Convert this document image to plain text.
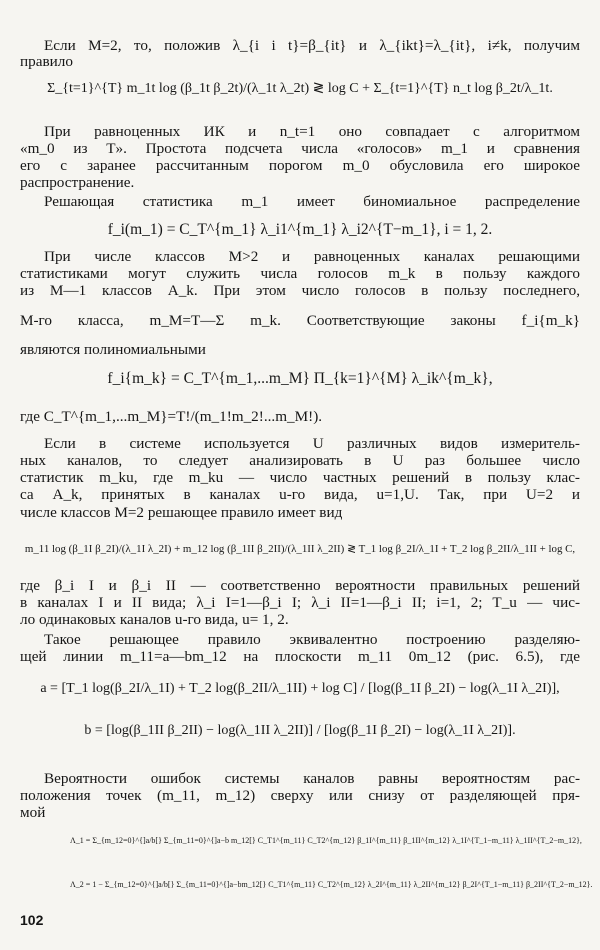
Если M=2, то, положив λ_{i i t}=β_{it} и λ_{ikt}=λ_{it}, i≠k, получим
правило
Σ_{t=1}^{T} m_1t log (β_1t β_2t)/(λ_1t λ_2t) ≷ log C + Σ_{t=1}^{T} n_t log β_2t/λ_1t.
При равноценных ИК и n_t=1 оно совпадает с алгоритмом
«m_0 из T». Простота подсчета числа «голосов» m_1 и сравнения
его с заранее рассчитанным порогом m_0 обусловила его широкое
распространение.
Решающая статистика m_1 имеет биномиальное распределение
f_i(m_1) = C_T^{m_1} λ_i1^{m_1} λ_i2^{T−m_1}, i = 1, 2.
При числе классов M>2 и равноценных каналах решающими
статистиками могут служить числа голосов m_k в пользу каждого
из M—1 классов A_k. При этом число голосов в пользу последнего,
M-го класса, m_M=T—Σ m_k. Соответствующие законы f_i{m_k}
являются полиномиальными
f_i{m_k} = C_T^{m_1,...m_M} Π_{k=1}^{M} λ_ik^{m_k},
где C_T^{m_1,...m_M}=T!/(m_1!m_2!...m_M!).
Если в системе используется U различных видов измеритель-
ных каналов, то следует анализировать в U раз большее число
статистик m_ku, где m_ku — число частных решений в пользу клас-
са A_k, принятых в каналах u-го вида, u=1,U. Так, при U=2 и
числе классов M=2 решающее правило имеет вид
m_11 log (β_1I β_2I)/(λ_1I λ_2I) + m_12 log (β_1II β_2II)/(λ_1II λ_2II) ≷ T_1 log β_2I/λ_1I + T_2 log β_2II/λ_1II + log C,
где β_i I и β_i II — соответственно вероятности правильных решений
в каналах I и II вида; λ_i I=1—β_i I; λ_i II=1—β_i II; i=1, 2; T_u — чис-
ло одинаковых каналов u-го вида, u= 1, 2.
Такое решающее правило эквивалентно построению разделяю-
щей линии m_11=a—bm_12 на плоскости m_11 0m_12 (рис. 6.5), где
a = [T_1 log(β_2I/λ_1I) + T_2 log(β_2II/λ_1II) + log C] / [log(β_1I β_2I) − log(λ_1I λ_2I)],
b = [log(β_1II β_2II) − log(λ_1II λ_2II)] / [log(β_1I β_2I) − log(λ_1I λ_2I)].
Вероятности ошибок системы каналов равны вероятностям рас-
положения точек (m_11, m_12) сверху или снизу от разделяющей пря-
мой
Λ_1 = Σ_{m_12=0}^{]a/b[} Σ_{m_11=0}^{]a−b m_12[} C_T1^{m_11} C_T2^{m_12} β_1I^{m_11} β_1II^{m_12} λ_1I^{T_1−m_11} λ_1II^{T_2−m_12},
Λ_2 = 1 − Σ_{m_12=0}^{]a/b[} Σ_{m_11=0}^{]a−bm_12[} C_T1^{m_11} C_T2^{m_12} λ_2I^{m_11} λ_2II^{m_12} β_2I^{T_1−m_11} β_2II^{T_2−m_12}.
102
